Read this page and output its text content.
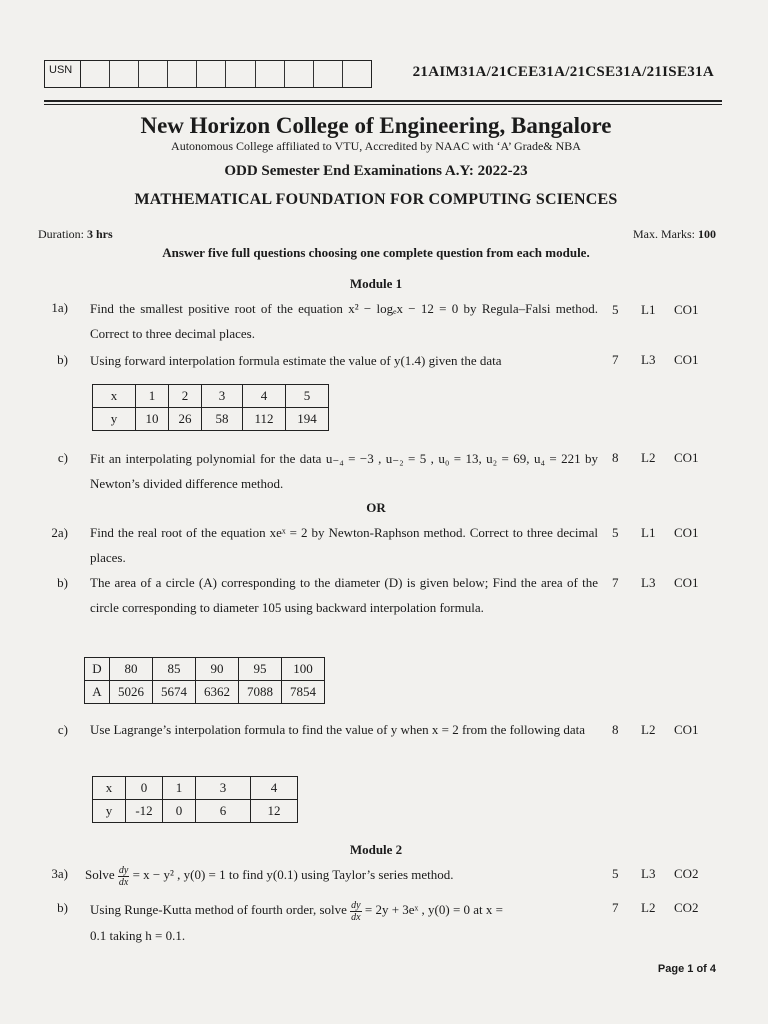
USN	21AIM31A/21CEE31A/21CSE31A/21ISE31A
New Horizon College of Engineering, Bangalore
Autonomous College affiliated to VTU, Accredited by NAAC with ‘A’ Grade& NBA
ODD Semester End Examinations A.Y: 2022-23
MATHEMATICAL FOUNDATION FOR COMPUTING SCIENCES
Duration: 3 hrs	Max. Marks: 100
Answer five full questions choosing one complete question from each module.
Module 1
1a) Find the smallest positive root of the equation x² − logₑx − 12 = 0 by Regula–Falsi method. Correct to three decimal places.
5 L1 CO1
b) Using forward interpolation formula estimate the value of y(1.4) given the data	7 L3 CO1
x	1	2	3	4	5
y	10	26	58	112	194
c) Fit an interpolating polynomial for the data u₋₄ = −3 , u₋₂ = 5 , u₀ = 13, u₂ = 69, u₄ = 221 by Newton’s divided difference method.
8 L2 CO1
OR
2a) Find the real root of the equation xeˣ = 2 by Newton-Raphson method. Correct to three decimal places.
5 L1 CO1
b) The area of a circle (A) corresponding to the diameter (D) is given below; Find the area of the circle corresponding to diameter 105 using backward interpolation formula.
7 L3 CO1
D	80	85	90	95	100
A	5026	5674	6362	7088	7854
c) Use Lagrange’s interpolation formula to find the value of y when x = 2 from the following data	8 L2 CO1
x	0	1	3	4
y	-12	0	6	12
Module 2
3a) Solve $\frac{dy}{dx} = x - y^2$ , y(0) = 1 to find y(0.1) using Taylor’s series method.	5 L3 CO2
b) Using Runge-Kutta method of fourth order, solve $\frac{dy}{dx} = 2y$ + 3eˣ , y(0) = 0 at x =
0.1 taking h = 0.1.
7 L2 CO2
Page 1 of 4
